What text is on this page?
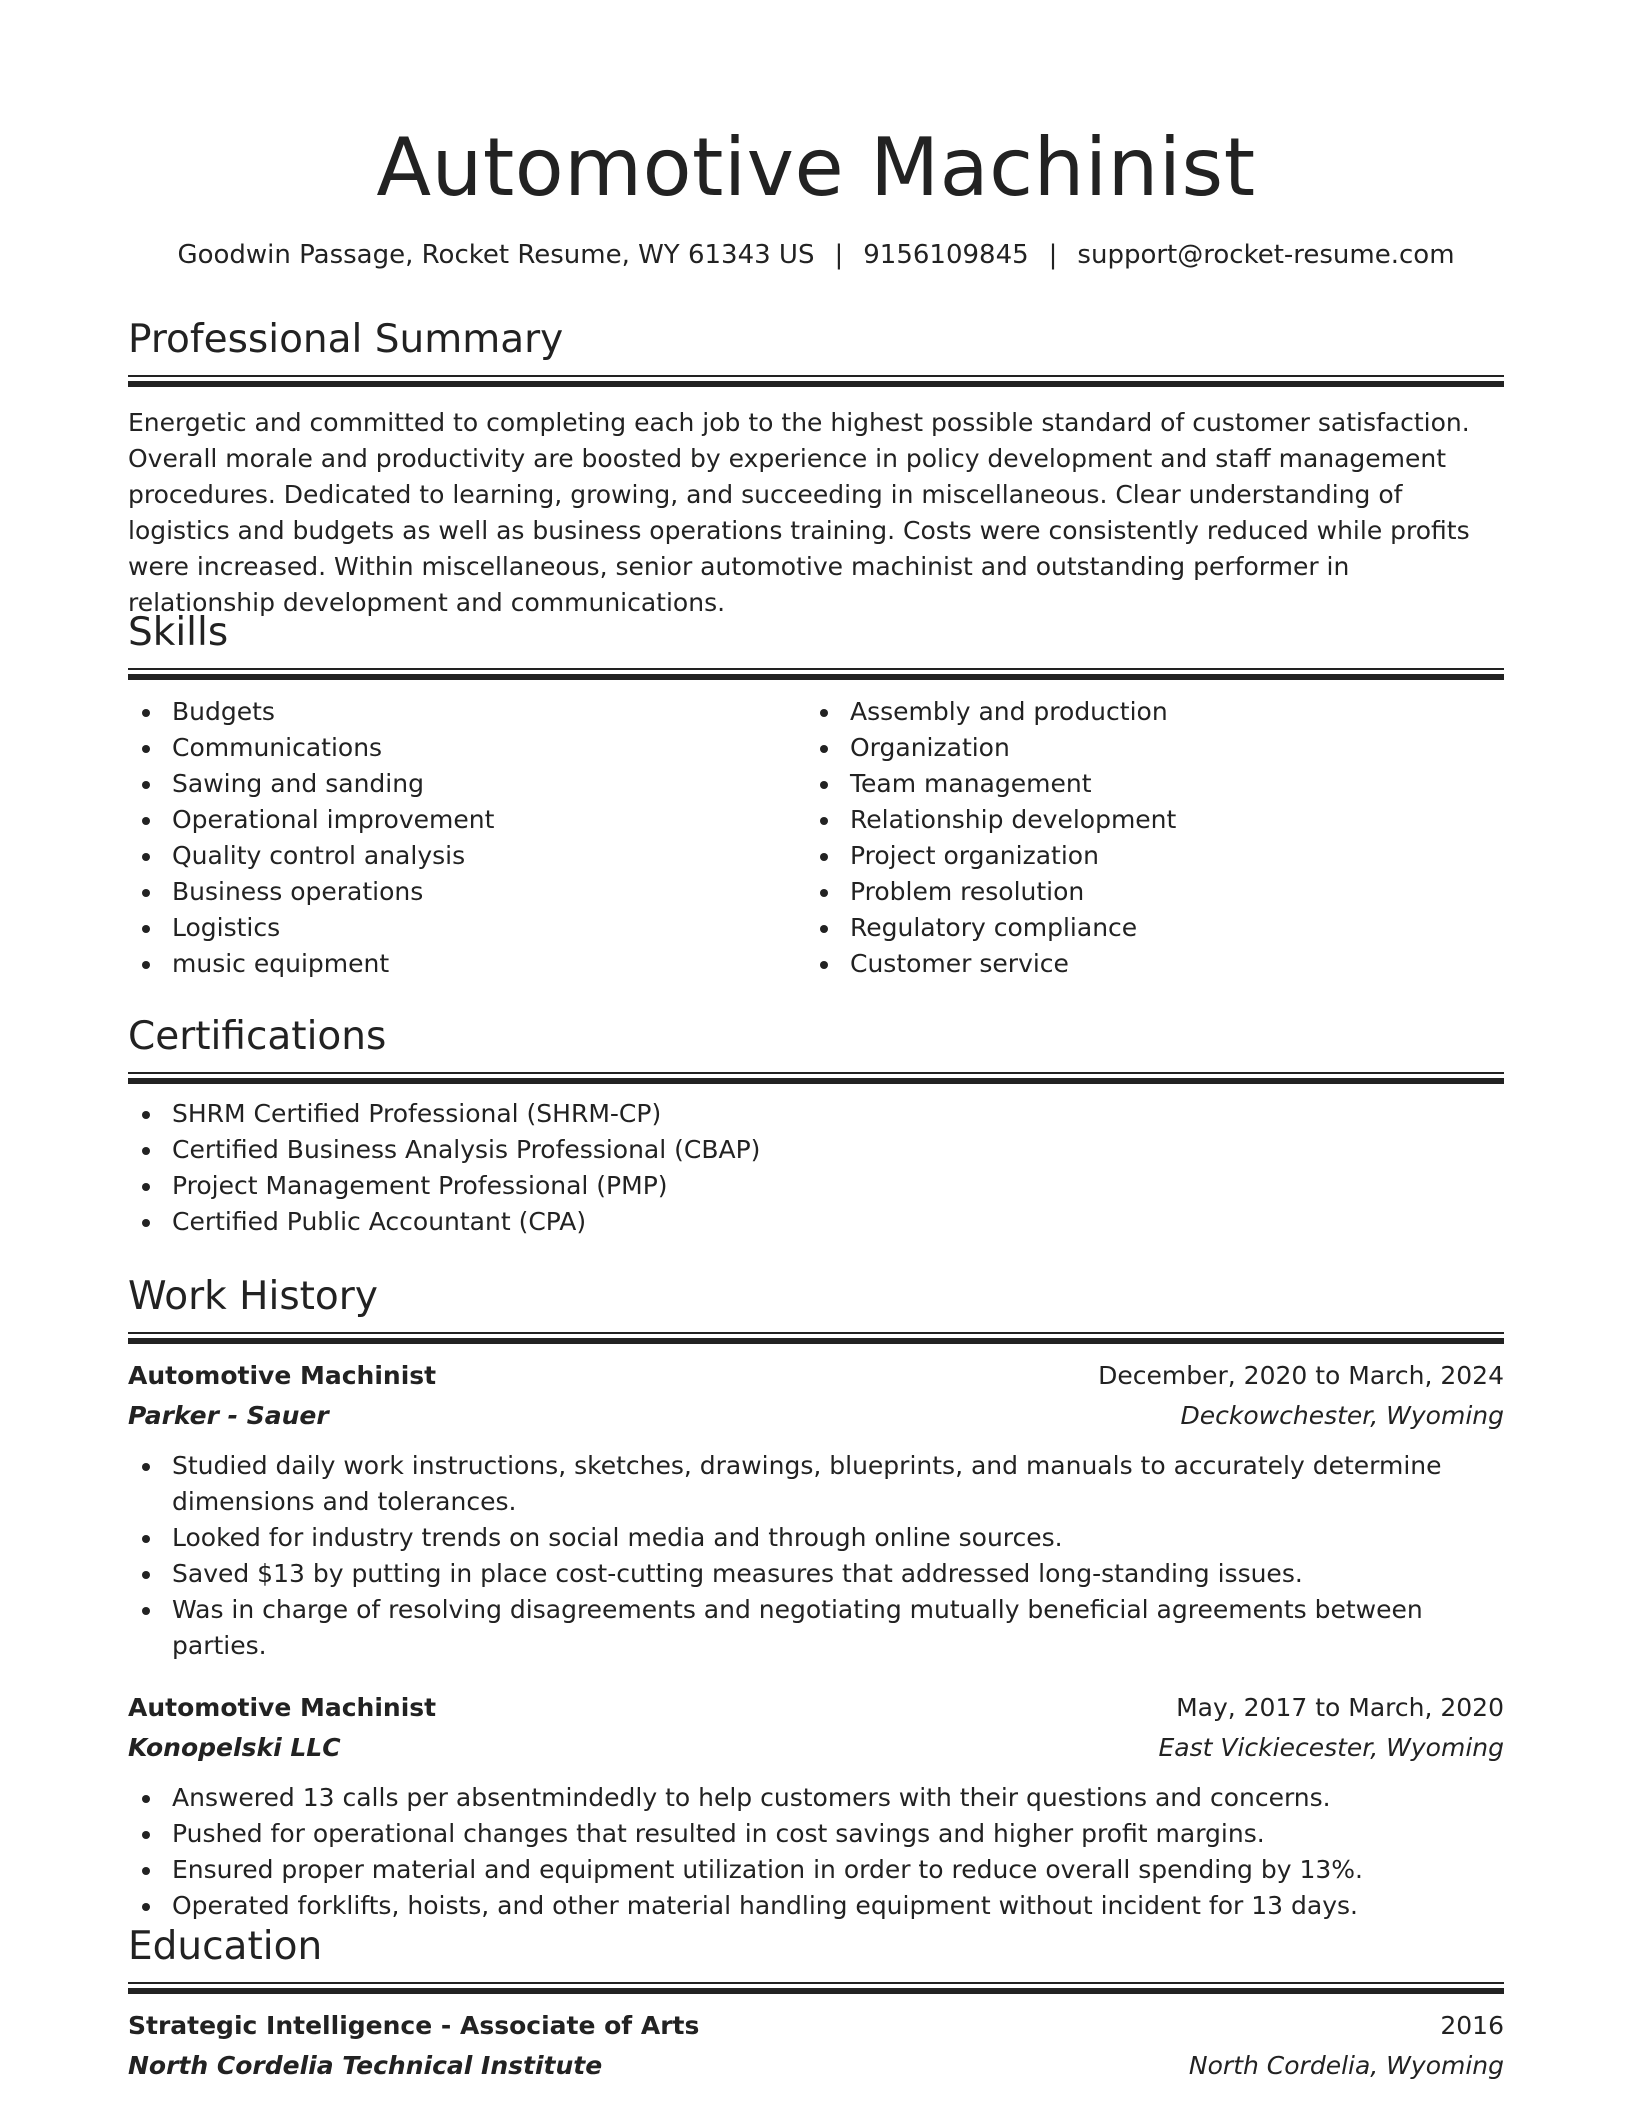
Automotive Machinist
Goodwin Passage, Rocket Resume, WY 61343 US | 9156109845 | support@rocket-resume.com
Professional Summary
Energetic and committed to completing each job to the highest possible standard of customer satisfaction. Overall morale and productivity are boosted by experience in policy development and staff management procedures. Dedicated to learning, growing, and succeeding in miscellaneous. Clear understanding of logistics and budgets as well as business operations training. Costs were consistently reduced while profits were increased. Within miscellaneous, senior automotive machinist and outstanding performer in relationship development and communications.
Skills
Budgets
Communications
Sawing and sanding
Operational improvement
Quality control analysis
Business operations
Logistics
music equipment
Assembly and production
Organization
Team management
Relationship development
Project organization
Problem resolution
Regulatory compliance
Customer service
Certifications
SHRM Certified Professional (SHRM-CP)
Certified Business Analysis Professional (CBAP)
Project Management Professional (PMP)
Certified Public Accountant (CPA)
Work History
Automotive Machinist	December, 2020 to March, 2024
Parker - Sauer	Deckowchester, Wyoming
Studied daily work instructions, sketches, drawings, blueprints, and manuals to accurately determine dimensions and tolerances.
Looked for industry trends on social media and through online sources.
Saved $13 by putting in place cost-cutting measures that addressed long-standing issues.
Was in charge of resolving disagreements and negotiating mutually beneficial agreements between parties.
Automotive Machinist	May, 2017 to March, 2020
Konopelski LLC	East Vickiecester, Wyoming
Answered 13 calls per absentmindedly to help customers with their questions and concerns.
Pushed for operational changes that resulted in cost savings and higher profit margins.
Ensured proper material and equipment utilization in order to reduce overall spending by 13%.
Operated forklifts, hoists, and other material handling equipment without incident for 13 days.
Education
Strategic Intelligence - Associate of Arts	2016
North Cordelia Technical Institute	North Cordelia, Wyoming
